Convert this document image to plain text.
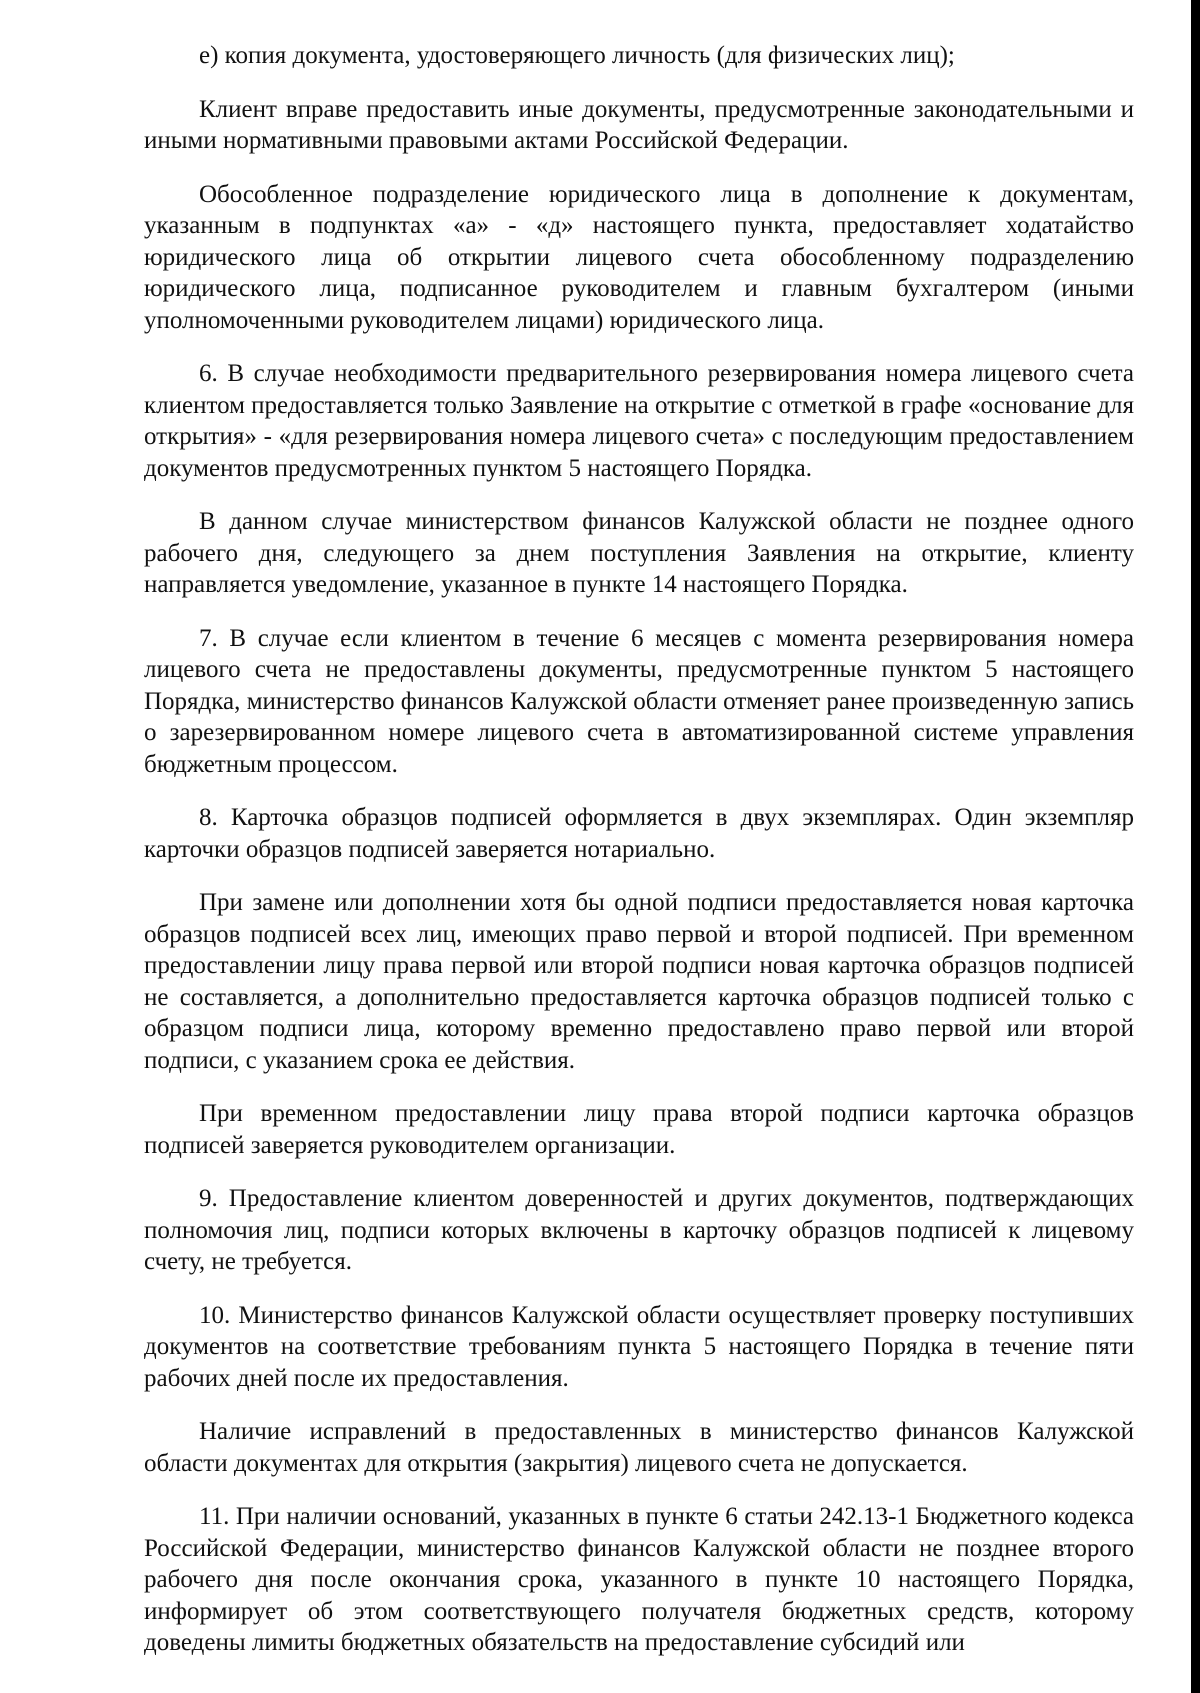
е) копия документа, удостоверяющего личность (для физических лиц);

Клиент вправе предоставить иные документы, предусмотренные законодательными и иными нормативными правовыми актами Российской Федерации.

Обособленное подразделение юридического лица в дополнение к документам, указанным в подпунктах «а» - «д» настоящего пункта, предоставляет ходатайство юридического лица об открытии лицевого счета обособленному подразделению юридического лица, подписанное руководителем и главным бухгалтером (иными уполномоченными руководителем лицами) юридического лица.

6. В случае необходимости предварительного резервирования номера лицевого счета клиентом предоставляется только Заявление на открытие с отметкой в графе «основание для открытия» - «для резервирования номера лицевого счета» с последующим предоставлением документов предусмотренных пунктом 5 настоящего Порядка.

В данном случае министерством финансов Калужской области не позднее одного рабочего дня, следующего за днем поступления Заявления на открытие, клиенту направляется уведомление, указанное в пункте 14 настоящего Порядка.

7. В случае если клиентом в течение 6 месяцев с момента резервирования номера лицевого счета не предоставлены документы, предусмотренные пунктом 5 настоящего Порядка, министерство финансов Калужской области отменяет ранее произведенную запись о зарезервированном номере лицевого счета в автоматизированной системе управления бюджетным процессом.

8. Карточка образцов подписей оформляется в двух экземплярах. Один экземпляр карточки образцов подписей заверяется нотариально.

При замене или дополнении хотя бы одной подписи предоставляется новая карточка образцов подписей всех лиц, имеющих право первой и второй подписей. При временном предоставлении лицу права первой или второй подписи новая карточка образцов подписей не составляется, а дополнительно предоставляется карточка образцов подписей только с образцом подписи лица, которому временно предоставлено право первой или второй подписи, с указанием срока ее действия.

При временном предоставлении лицу права второй подписи карточка образцов подписей заверяется руководителем организации.

9. Предоставление клиентом доверенностей и других документов, подтверждающих полномочия лиц, подписи которых включены в карточку образцов подписей к лицевому счету, не требуется.

10. Министерство финансов Калужской области осуществляет проверку поступивших документов на соответствие требованиям пункта 5 настоящего Порядка в течение пяти рабочих дней после их предоставления.

Наличие исправлений в предоставленных в министерство финансов Калужской области документах для открытия (закрытия) лицевого счета не допускается.

11. При наличии оснований, указанных в пункте 6 статьи 242.13-1 Бюджетного кодекса Российской Федерации, министерство финансов Калужской области не позднее второго рабочего дня после окончания срока, указанного в пункте 10 настоящего Порядка, информирует об этом соответствующего получателя бюджетных средств, которому доведены лимиты бюджетных обязательств на предоставление субсидий или
